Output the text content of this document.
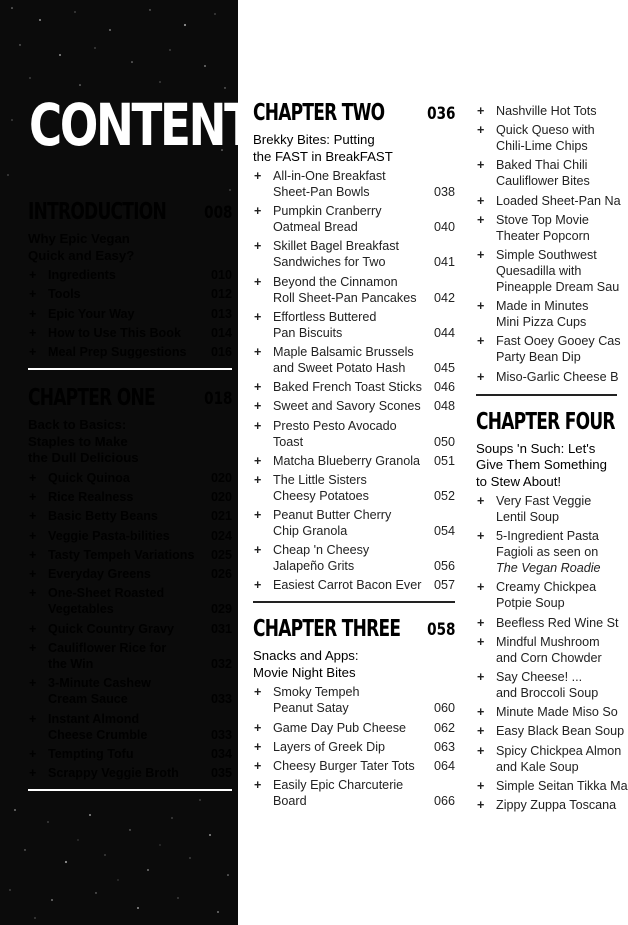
CONTENTS
INTRODUCTION 008
Why Epic Vegan
Quick and Easy?
+ Ingredients	010
+ Tools	012
+ Epic Your Way	013
+ How to Use This Book 014
+ Meal Prep Suggestions 016
CHAPTER ONE	018
Back to Basics:
Staples to Make
the Dull Delicious
+ Quick Quinoa	020
+ Rice Realness	020
+ Basic Betty Beans	021
+ Veggie Pasta-bilities	024
+ Tasty Tempeh Variations 025
+ Everyday Greens	026
+ One-Sheet Roasted
Vegetables	029
+ Quick Country Gravy	031
+ Cauliflower Rice for
the Win	032
+ 3-Minute Cashew
Cream Sauce	033
+ Instant Almond
Cheese Crumble	033
+ Tempting Tofu	034
+ Scrappy Veggie Broth	035
CHAPTER TWO 036
Brekky Bites: Putting
the FAST in BreakFAST
+ All-in-One Breakfast
Sheet-Pan Bowls	038
+ Pumpkin Cranberry
Oatmeal Bread	040
+ Skillet Bagel Breakfast
Sandwiches for Two	041
+ Beyond the Cinnamon
Roll Sheet-Pan Pancakes	042
+ Effortless Buttered
Pan Biscuits	044
+ Maple Balsamic Brussels
and Sweet Potato Hash	045
+ Baked French Toast Sticks 046
+ Sweet and Savory Scones 048
+ Presto Pesto Avocado
Toast	050
+ Matcha Blueberry Granola 051
+ The Little Sisters
Cheesy Potatoes	052
+ Peanut Butter Cherry
Chip Granola	054
+ Cheap 'n Cheesy
Jalapeño Grits	056
+ Easiest Carrot Bacon Ever 057
CHAPTER THREE 058
Snacks and Apps:
Movie Night Bites
+ Smoky Tempeh
Peanut Satay	060
+ Game Day Pub Cheese 062
+ Layers of Greek Dip	063
+ Cheesy Burger Tater Tots 064
+ Easily Epic Charcuterie
Board	066
+ Nashville Hot Tots
+ Quick Queso with
Chili-Lime Chips
+ Baked Thai Chili
Cauliflower Bites
+ Loaded Sheet-Pan Na
+ Stove Top Movie
Theater Popcorn
+ Simple Southwest
Quesadilla with
Pineapple Dream Sau
+ Made in Minutes
Mini Pizza Cups
+ Fast Ooey Gooey Cas
Party Bean Dip
+ Miso-Garlic Cheese B
CHAPTER FOUR
Soups 'n Such: Let's
Give Them Something
to Stew About!
+ Very Fast Veggie
Lentil Soup
+ 5-Ingredient Pasta
Fagioli as seen on
The Vegan Roadie
+ Creamy Chickpea
Potpie Soup
+ Beefless Red Wine St
+ Mindful Mushroom
and Corn Chowder
+ Say Cheese! ...
and Broccoli Soup
+ Minute Made Miso So
+ Easy Black Bean Soup
+ Spicy Chickpea Almon
and Kale Soup
+ Simple Seitan Tikka Ma
+ Zippy Zuppa Toscana
